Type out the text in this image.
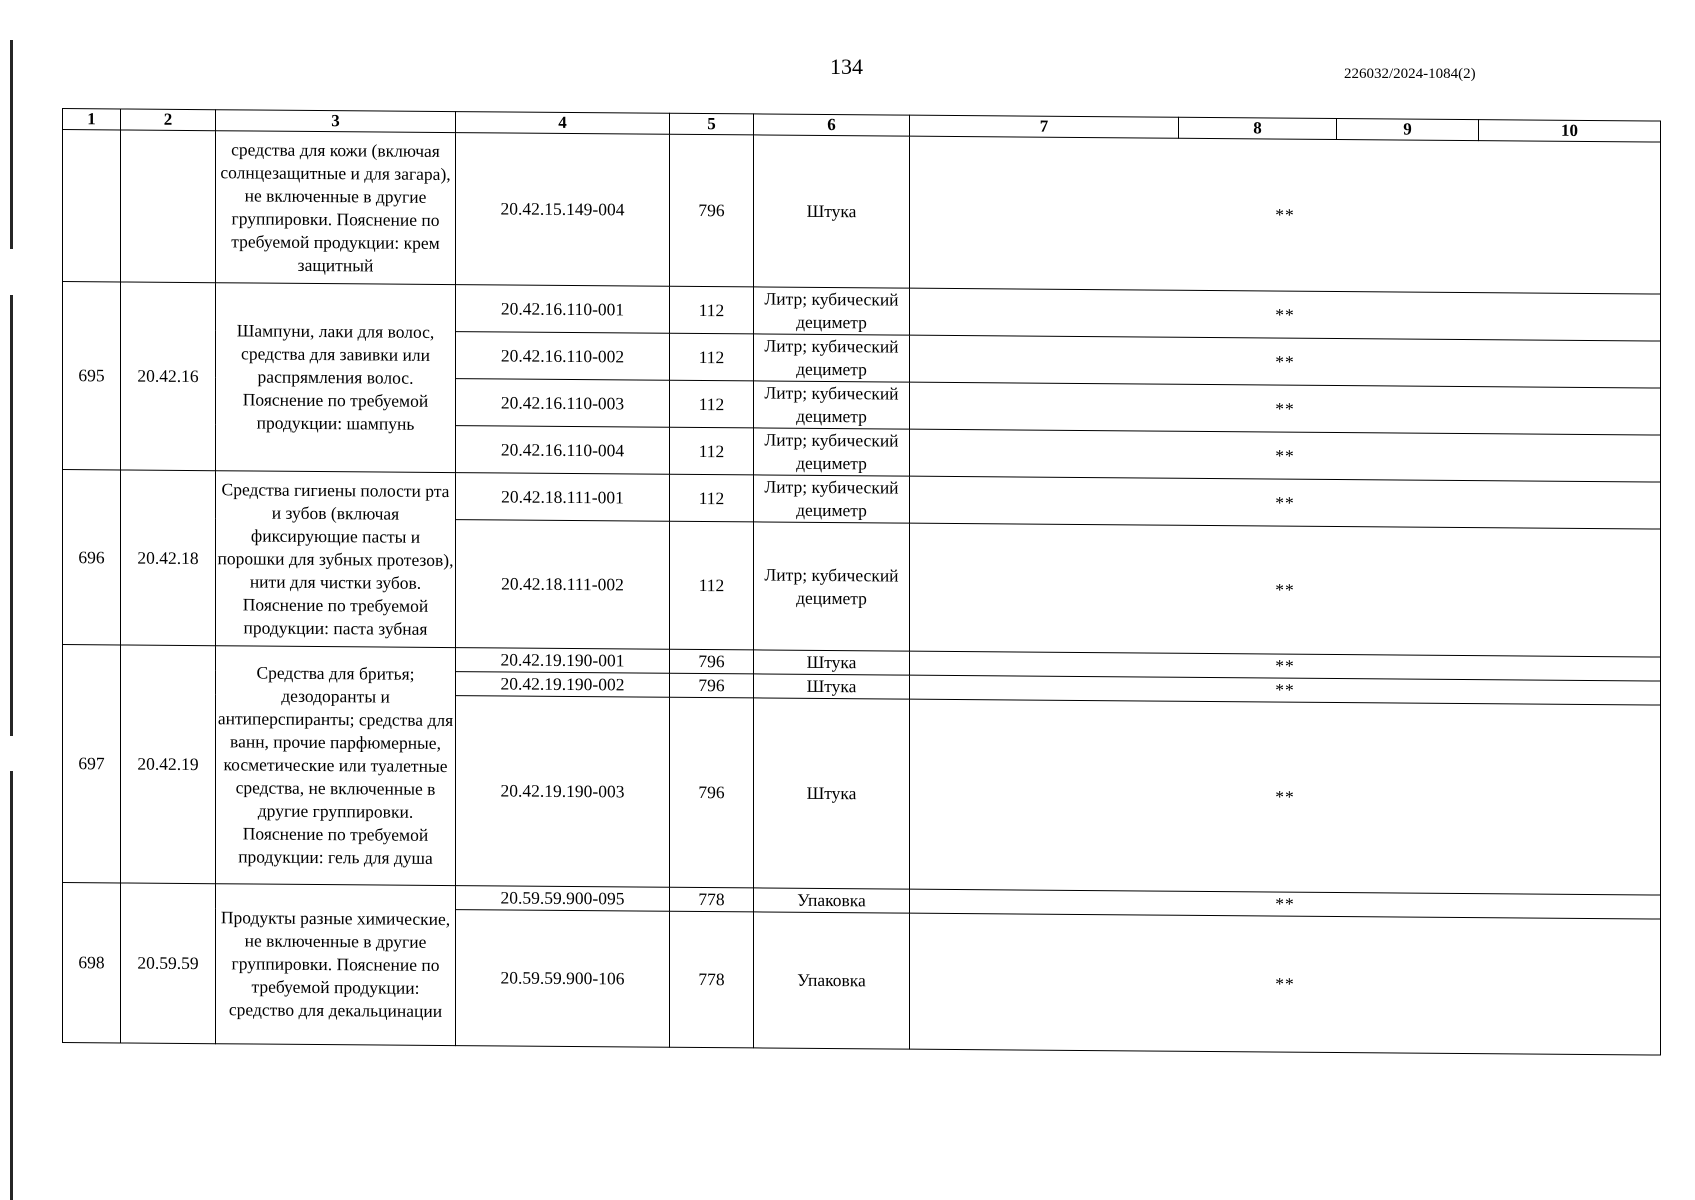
134	226032/2024-1084(2)
1	2	3	4	5	6	7	8	9	10
		средства для кожи (включая солнцезащитные и для загара), не включенные в другие группировки. Пояснение по требуемой продукции: крем защитный	20.42.15.149-004	796	Штука	**			
695	20.42.16	Шампуни, лаки для волос, средства для завивки или распрямления волос. Пояснение по требуемой продукции: шампунь	20.42.16.110-001	112	Литр; кубический дециметр	**			
			20.42.16.110-002	112	Литр; кубический дециметр	**			
			20.42.16.110-003	112	Литр; кубический дециметр	**			
			20.42.16.110-004	112	Литр; кубический дециметр	**			
696	20.42.18	Средства гигиены полости рта и зубов (включая фиксирующие пасты и порошки для зубных протезов), нити для чистки зубов. Пояснение по требуемой продукции: паста зубная	20.42.18.111-001	112	Литр; кубический дециметр	**			
			20.42.18.111-002	112	Литр; кубический дециметр	**			
697	20.42.19	Средства для бритья; дезодоранты и антиперспиранты; средства для ванн, прочие парфюмерные, косметические или туалетные средства, не включенные в другие группировки. Пояснение по требуемой продукции: гель для душа	20.42.19.190-001	796	Штука	**			
			20.42.19.190-002	796	Штука	**			
			20.42.19.190-003	796	Штука	**			
698	20.59.59	Продукты разные химические, не включенные в другие группировки. Пояснение по требуемой продукции: средство для декальцинации	20.59.59.900-095	778	Упаковка	**			
			20.59.59.900-106	778	Упаковка	**			
